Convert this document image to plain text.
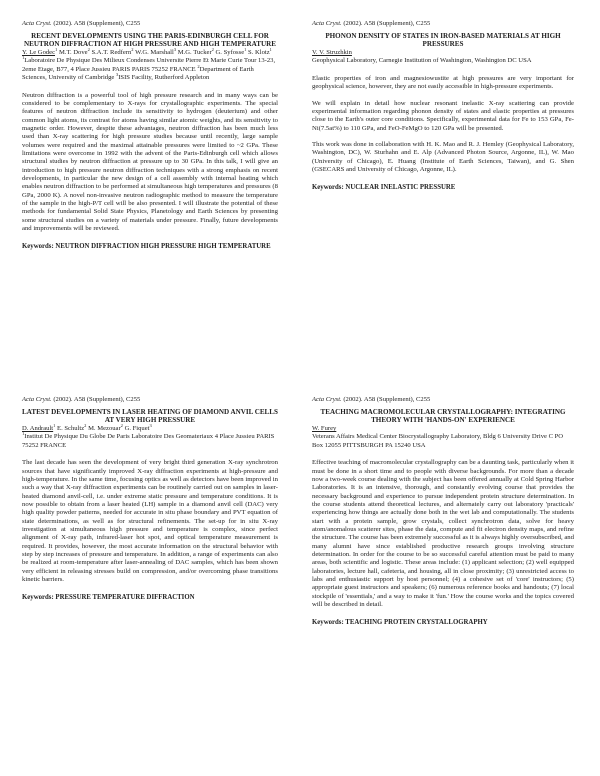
Acta Cryst. (2002). A58 (Supplement), C255
RECENT DEVELOPMENTS USING THE PARIS-EDINBURGH CELL FOR NEUTRON DIFFRACTION AT HIGH PRESSURE AND HIGH TEMPERATURE
Y. Le Godec$^1$ M.T. Dove$^2$ S.A.T. Redfern$^2$ W.G. Marshall$^3$ M.G. Tucker$^2$ G. Syfosse$^1$ S. Klotz$^1$
$^1$Laboratoire De Physique Des Milieux Condenses Universite Pierre Et Marie Curie Tour 13-23, 2eme Etage, B77, 4 Place Jussieu PARIS PARIS 75252 FRANCE $^2$Department of Earth Sciences, University of Cambridge $^3$ISIS Facility, Rutherford Appleton

Neutron diffraction is a powerful tool of high pressure research and in many ways can be considered to be complementary to X-rays for crystallographic experiments. The special features of neutron diffraction include its sensitivity to hydrogen (deuterium) and other common light atoms, its contrast for atoms having similar atomic weights, and its sensitivity to magnetic order. However, despite these advantages, neutron diffraction has been much less used than X-ray scattering for high pressure studies because until recently, large sample volumes were required and the maximal attainable pressures were limited to ~2 GPa. These limitations were overcome in 1992 with the advent of the Paris-Edinburgh cell which allows structural studies by neutron diffraction at pressure up to 30 GPa. In this talk, I will give an introduction to high pressure neutron diffraction techniques with a strong emphasis on recent developments, in particular the new design of a cell assembly with internal heating which enables neutron diffraction to be performed at simultaneous high temperatures and pressures (8 GPa, 2000 K). A novel non-invasive neutron radiographic method to measure the temperature of the sample in the high-P/T cell will be also presented. I will illustrate the potential of these methods for fundamental Solid State Physics, Planetology and Earth Sciences by presenting some structural studies on a variety of materials under pressure. Finally, future developments and improvements will be reviewed.

Keywords: NEUTRON DIFFRACTION HIGH PRESSURE HIGH TEMPERATURE
Acta Cryst. (2002). A58 (Supplement), C255
PHONON DENSITY OF STATES IN IRON-BASED MATERIALS AT HIGH PRESSURES
V. V. Struzhkin
Geophysical Laboratory, Carnegie Institution of Washington, Washington DC USA

Elastic properties of iron and magnesiowustite at high pressures are very important for geophysical science, however, they are not easily accessible in high-pressure experiments.

We will explain in detail how nuclear resonant inelastic X-ray scattering can provide experimental information regarding phonon density of states and elastic properties at pressures close to the Earth's outer core conditions. Specifically, experimental data for Fe to 153 GPa, Fe-Ni(7.5at%) to 110 GPa, and FeO-FeMgO to 120 GPa will be presented.

This work was done in collaboration with H. K. Mao and R. J. Hemley (Geophysical Laboratory, Washington, DC), W. Sturhahn and E. Alp (Advanced Photon Source, Argonne, IL), W. Mao (University of Chicago), E. Huang (Institute of Earth Sciences, Taiwan), and G. Shen (GSECARS and University of Chicago, Argonne, IL).

Keywords: NUCLEAR INELASTIC PRESSURE
Acta Cryst. (2002). A58 (Supplement), C255
LATEST DEVELOPMENTS IN LASER HEATING OF DIAMOND ANVIL CELLS AT VERY HIGH PRESSURE
D. Andrault$^1$ E. Schultz$^2$ M. Mezouar$^2$ G. Fiquet$^3$
$^1$Institut De Physique Du Globe De Paris Laboratoire Des Geomateriaux 4 Place Jussieu PARIS 75252 FRANCE

The last decade has seen the development of very bright third generation X-ray synchrotron sources that have significantly improved X-ray diffraction experiments at high-pressure and high-temperature. In the same time, focusing optics as well as detectors have been improved in such a way that X-ray diffraction experiments can be routinely carried out on samples in laser-heated diamond anvil-cell, i.e. under extreme static pressure and temperature conditions. It is now possible to obtain from a laser heated (LH) sample in a diamond anvil cell (DAC) very high quality powder patterns, needed for accurate in situ phase boundary and PVT equation of state determinations, as well as for structural refinements. The set-up for in situ X-ray investigation at simultaneous high pressure and temperature is complex, since perfect alignment of X-ray path, infrared-laser hot spot, and optical temperature measurement is required. It provides, however, the most accurate information on the structural behavior with step by step increases of pressure and temperature. In addition, a range of experiments can also be realized at room-temperature after laser-annealing of DAC samples, which has been shown very efficient in releasing stresses build on compression, and/or overcoming phase transitions kinetic barriers.

Keywords: PRESSURE TEMPERATURE DIFFRACTION
Acta Cryst. (2002). A58 (Supplement), C255
TEACHING MACROMOLECULAR CRYSTALLOGRAPHY: INTEGRATING THEORY WITH 'HANDS-ON' EXPERIENCE
W. Furey
Veterans Affairs Medical Center Biocrystallography Laboratory, Bldg 6 University Drive C PO Box 12055 PITTSBURGH PA 15240 USA

Effective teaching of macromolecular crystallography can be a daunting task, particularly when it must be done in a short time and to people with diverse backgrounds. For more than a decade now a two-week course dealing with the subject has been offered annually at Cold Spring Harbor Laboratories. It is an intensive, thorough, and constantly evolving course that provides the necessary background and experience to pursue independent protein structure determination. In the course students attend theoretical lectures, and alternately carry out laboratory 'practicals' experiencing how things are actually done both in the wet lab and computationally. The students start with a protein sample, grow crystals, collect synchrotron data, solve for heavy atom/anomalous scatterer sites, phase the data, compute and fit electron density maps, and refine the structure. The course has been extremely successful as it is always highly oversubscribed, and many alumni have since established productive research groups involving structure determination. In order for the course to be so successful careful attention must be paid to many areas, both scientific and logistic. These areas include: (1) applicant selection; (2) well equipped laboratories, lecture hall, cafeteria, and housing, all in close proximity; (3) unrestricted access to labs and enthusiastic support by host personnel; (4) a cohesive set of 'core' instructors; (5) appropriate guest instructors and speakers; (6) numerous reference books and handouts; (7) local stockpile of 'essentials,' and a way to make it 'fun.' How the course works and the topics covered will be described in detail.

Keywords: TEACHING PROTEIN CRYSTALLOGRAPHY
